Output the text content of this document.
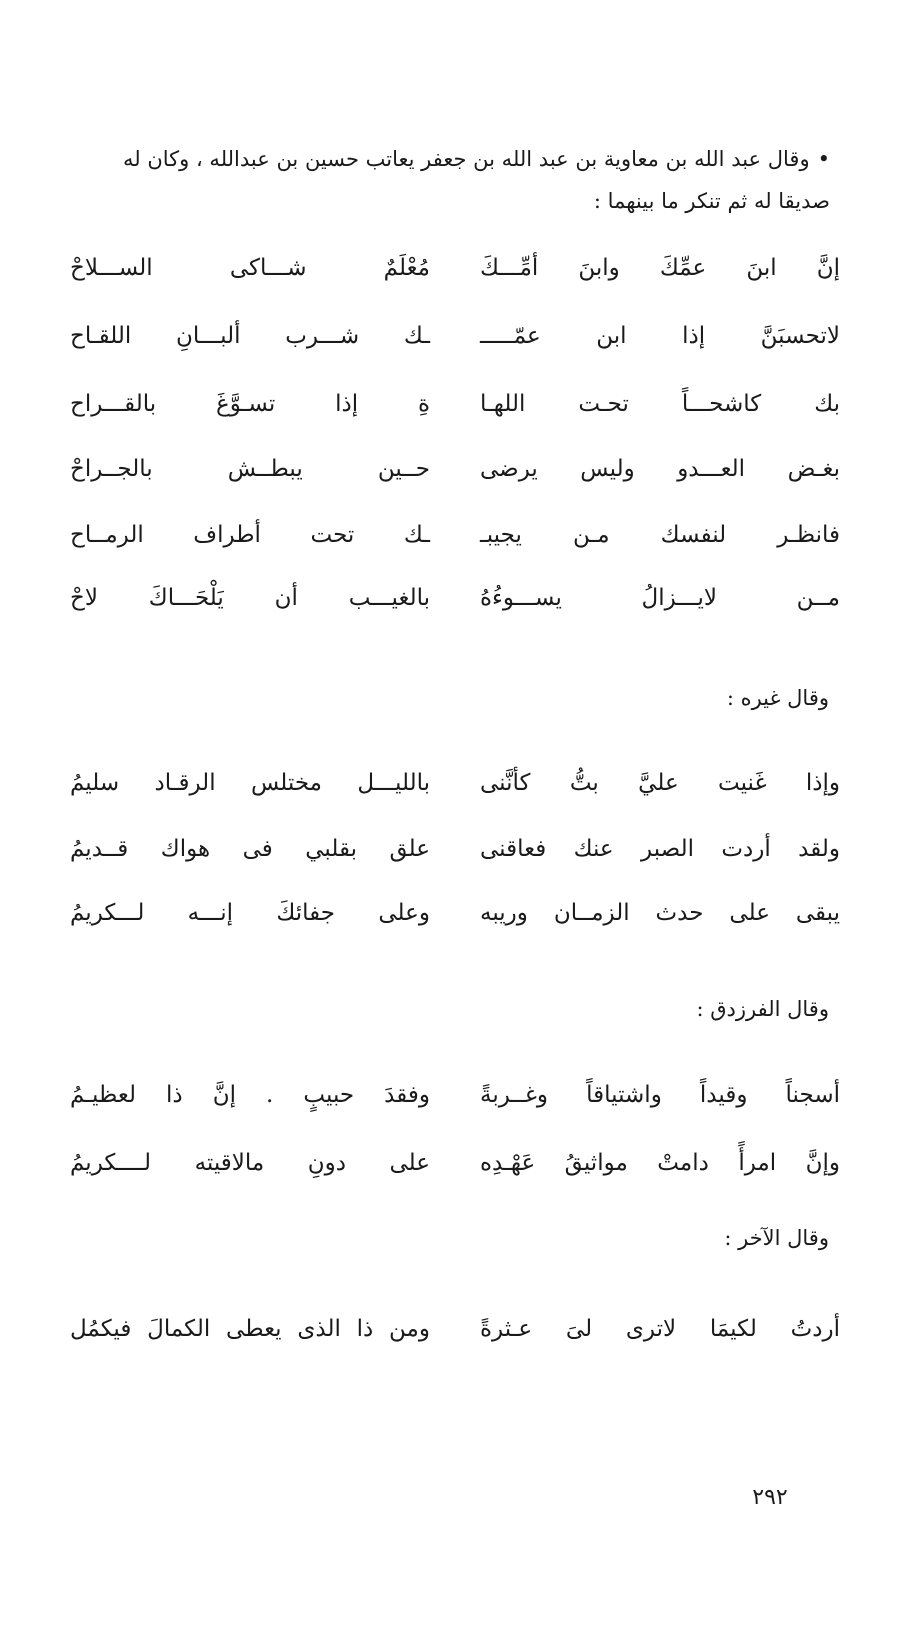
•وقال عبد الله بن معاوية بن عبد الله بن جعفر يعاتب حسين بن عبدالله ، وكان له صديقا له ثم تنكر ما بينهما :
إنَّ ابنَ عمِّكَ وابنَ أمِّـــكَ
مُعْلَمٌ شـــاكى الســـلاحْ
لاتحسبَنَّ إذا ابن عمّـــــ
ـك شـــرب ألبـــانِ اللقـاح
بك كاشحـــاً تحـت اللهـا
ةِ إذا تسـوَّغَ بالقـــراح
بغـض العـــدو وليس يرضى
حــين يبطــش بالجــراحْ
فانظـر لنفسك مـن يجيبـ
ـك تحت أطراف الرمــاح
مــن لايـــزالُ يســـوءُهُ
بالغيـــب أن يَلْحَـــاكَ لاحْ
وقال غيره :
وإذا غَنيت عليَّ بتُّ كأنَّنى
بالليـــل مختلس الرقـاد سليمُ
ولقد أردت الصبر عنك فعاقنى
علق بقلبي فى هواك قــديمُ
يبقى على حدث الزمــان وريبه
وعلى جفائكَ إنـــه لـــكريمُ
وقال الفرزدق :
أسجناً وقيداً واشتياقاً وغــربةً
وفقدَ حبيبٍ . إنَّ ذا لعظيـمُ
وإنَّ امرأً دامتْ مواثيقُ عَهْـدِه
على دونِ مالاقيته لــــكريمُ
وقال الآخر :
أردتُ لكيمَا لاترى لىَ عـثرةً
ومن ذا الذى يعطى الكمالَ فيكمُل
٢٩٢
